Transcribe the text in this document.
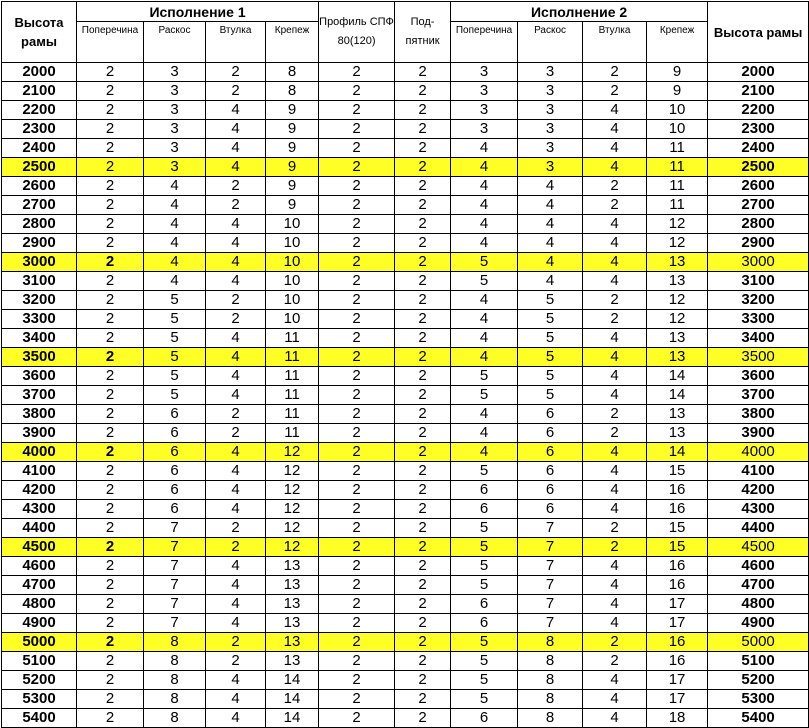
Высота рамы	Исполнение 1				Профиль СПФ 80(120)	Под-пятник	Исполнение 2				Высота рамы
	Поперечина	Раскос	Втулка	Крепеж			Поперечина	Раскос	Втулка	Крепеж	
2000	2	3	2	8	2	2	3	3	2	9	2000
2100	2	3	2	8	2	2	3	3	2	9	2100
2200	2	3	4	9	2	2	3	3	4	10	2200
2300	2	3	4	9	2	2	3	3	4	10	2300
2400	2	3	4	9	2	2	4	3	4	11	2400
2500	2	3	4	9	2	2	4	3	4	11	2500
2600	2	4	2	9	2	2	4	4	2	11	2600
2700	2	4	2	9	2	2	4	4	2	11	2700
2800	2	4	4	10	2	2	4	4	4	12	2800
2900	2	4	4	10	2	2	4	4	4	12	2900
3000	2	4	4	10	2	2	5	4	4	13	3000
3100	2	4	4	10	2	2	5	4	4	13	3100
3200	2	5	2	10	2	2	4	5	2	12	3200
3300	2	5	2	10	2	2	4	5	2	12	3300
3400	2	5	4	11	2	2	4	5	4	13	3400
3500	2	5	4	11	2	2	4	5	4	13	3500
3600	2	5	4	11	2	2	5	5	4	14	3600
3700	2	5	4	11	2	2	5	5	4	14	3700
3800	2	6	2	11	2	2	4	6	2	13	3800
3900	2	6	2	11	2	2	4	6	2	13	3900
4000	2	6	4	12	2	2	4	6	4	14	4000
4100	2	6	4	12	2	2	5	6	4	15	4100
4200	2	6	4	12	2	2	6	6	4	16	4200
4300	2	6	4	12	2	2	6	6	4	16	4300
4400	2	7	2	12	2	2	5	7	2	15	4400
4500	2	7	2	12	2	2	5	7	2	15	4500
4600	2	7	4	13	2	2	5	7	4	16	4600
4700	2	7	4	13	2	2	5	7	4	16	4700
4800	2	7	4	13	2	2	6	7	4	17	4800
4900	2	7	4	13	2	2	6	7	4	17	4900
5000	2	8	2	13	2	2	5	8	2	16	5000
5100	2	8	2	13	2	2	5	8	2	16	5100
5200	2	8	4	14	2	2	5	8	4	17	5200
5300	2	8	4	14	2	2	5	8	4	17	5300
5400	2	8	4	14	2	2	6	8	4	18	5400
